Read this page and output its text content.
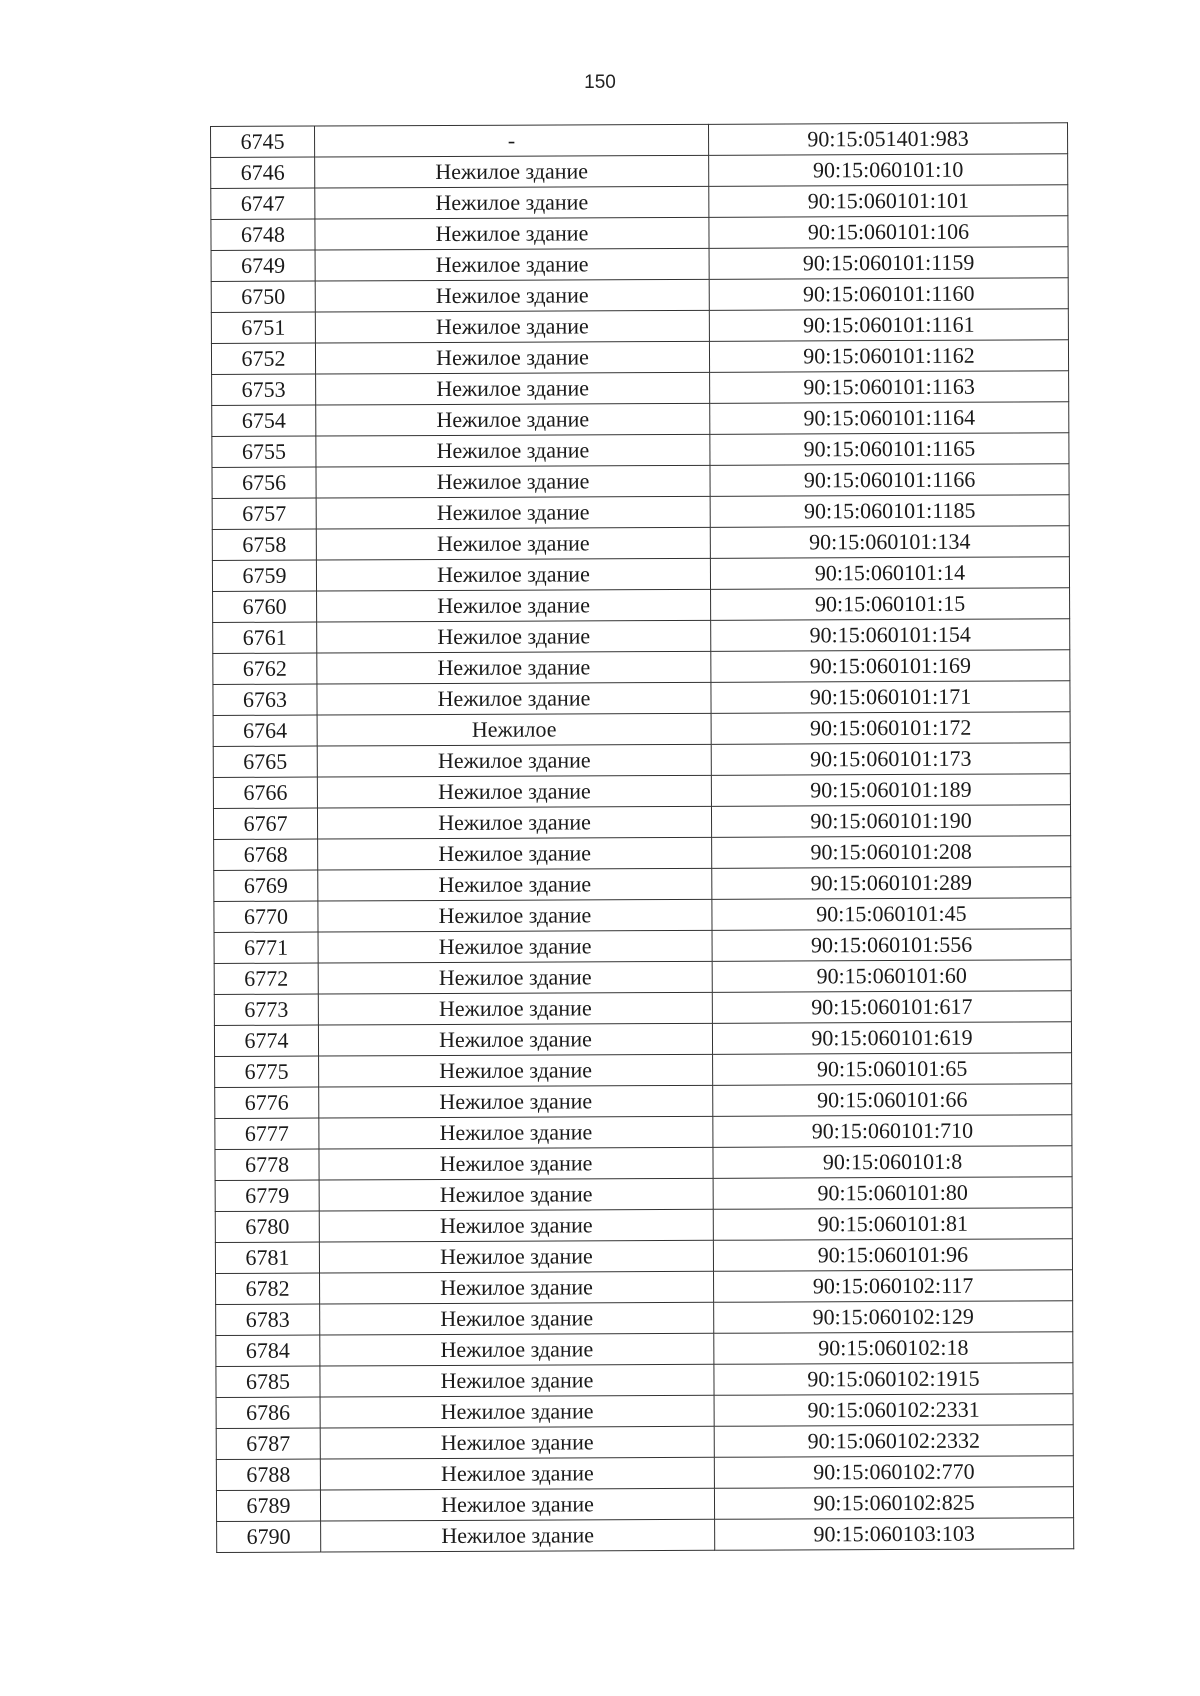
150
6745	-	90:15:051401:983
6746	Нежилое здание	90:15:060101:10
6747	Нежилое здание	90:15:060101:101
6748	Нежилое здание	90:15:060101:106
6749	Нежилое здание	90:15:060101:1159
6750	Нежилое здание	90:15:060101:1160
6751	Нежилое здание	90:15:060101:1161
6752	Нежилое здание	90:15:060101:1162
6753	Нежилое здание	90:15:060101:1163
6754	Нежилое здание	90:15:060101:1164
6755	Нежилое здание	90:15:060101:1165
6756	Нежилое здание	90:15:060101:1166
6757	Нежилое здание	90:15:060101:1185
6758	Нежилое здание	90:15:060101:134
6759	Нежилое здание	90:15:060101:14
6760	Нежилое здание	90:15:060101:15
6761	Нежилое здание	90:15:060101:154
6762	Нежилое здание	90:15:060101:169
6763	Нежилое здание	90:15:060101:171
6764	Нежилое	90:15:060101:172
6765	Нежилое здание	90:15:060101:173
6766	Нежилое здание	90:15:060101:189
6767	Нежилое здание	90:15:060101:190
6768	Нежилое здание	90:15:060101:208
6769	Нежилое здание	90:15:060101:289
6770	Нежилое здание	90:15:060101:45
6771	Нежилое здание	90:15:060101:556
6772	Нежилое здание	90:15:060101:60
6773	Нежилое здание	90:15:060101:617
6774	Нежилое здание	90:15:060101:619
6775	Нежилое здание	90:15:060101:65
6776	Нежилое здание	90:15:060101:66
6777	Нежилое здание	90:15:060101:710
6778	Нежилое здание	90:15:060101:8
6779	Нежилое здание	90:15:060101:80
6780	Нежилое здание	90:15:060101:81
6781	Нежилое здание	90:15:060101:96
6782	Нежилое здание	90:15:060102:117
6783	Нежилое здание	90:15:060102:129
6784	Нежилое здание	90:15:060102:18
6785	Нежилое здание	90:15:060102:1915
6786	Нежилое здание	90:15:060102:2331
6787	Нежилое здание	90:15:060102:2332
6788	Нежилое здание	90:15:060102:770
6789	Нежилое здание	90:15:060102:825
6790	Нежилое здание	90:15:060103:103
